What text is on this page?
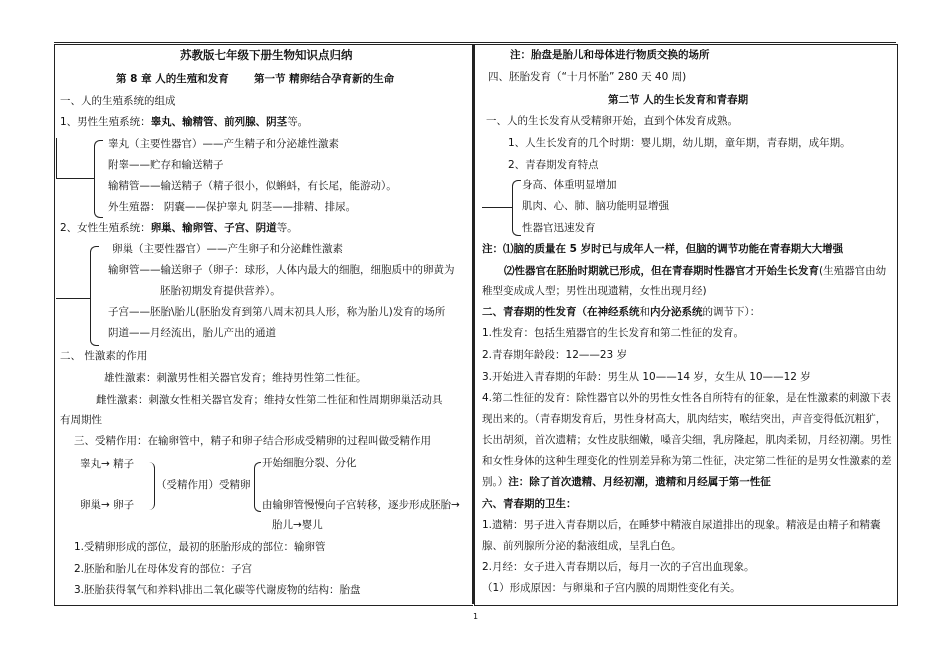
苏教版七年级下册生物知识点归纳
第 8 章 人的生殖和发育 第一节 精卵结合孕育新的生命
一、人的生殖系统的组成
1、男性生殖系统：睾丸、输精管、前列腺、阴茎等。
睾丸（主要性器官）——产生精子和分泌雄性激素
附睾——贮存和输送精子
输精管——输送精子（精子很小，似蝌蚪，有长尾，能游动）。
外生殖器： 阴囊——保护睾丸 阴茎——排精、排尿。
2、女性生殖系统：卵巢、输卵管、子宫、阴道等。
卵巢（主要性器官）——产生卵子和分泌雌性激素
输卵管——输送卵子（卵子：球形，人体内最大的细胞，细胞质中的卵黄为
胚胎初期发育提供营养）。
子宫——胚胎\胎儿(胚胎发育到第八周末初具人形，称为胎儿)发育的场所
阴道——月经流出，胎儿产出的通道
二、 性激素的作用
雄性激素：刺激男性相关器官发育；维持男性第二性征。
雌性激素：刺激女性相关器官发育；维持女性第二性征和性周期卵巢活动具
有周期性
三、受精作用：在输卵管中，精子和卵子结合形成受精卵的过程叫做受精作用
睾丸→ 精子
（受精作用）受精卵
开始细胞分裂、分化
卵巢→ 卵子	由输卵管慢慢向子宫转移，逐步形成胚胎→
胎儿→婴儿
1.受精卵形成的部位，最初的胚胎形成的部位：输卵管
2.胚胎和胎儿在母体发育的部位：子宫
3.胚胎获得氧气和养料\排出二氧化碳等代谢废物的结构：胎盘
注：胎盘是胎儿和母体进行物质交换的场所
四、胚胎发育（“十月怀胎” 280 天 40 周)
第二节 人的生长发育和青春期
一、人的生长发育从受精卵开始，直到个体发育成熟。
1、人生长发育的几个时期：婴儿期，幼儿期，童年期，青春期，成年期。
2、青春期发育特点
身高、体重明显增加
肌肉、心、肺、脑功能明显增强
性器官迅速发育
注：⑴脑的质量在 5 岁时已与成年人一样，但脑的调节功能在青春期大大增强
⑵性器官在胚胎时期就已形成，但在青春期时性器官才开始生长发育(生殖器官由幼
稚型变成成人型；男性出现遗精，女性出现月经)
二、青春期的性发育（在神经系统和内分泌系统的调节下）：
1.性发育：包括生殖器官的生长发育和第二性征的发育。
2.青春期年龄段：12——23 岁
3.开始进入青春期的年龄：男生从 10——14 岁，女生从 10——12 岁
4.第二性征的发育：除性器官以外的男性女性各自所特有的征象，是在性激素的刺激下表
现出来的。（青春期发育后，男性身材高大，肌肉结实，喉结突出，声音变得低沉粗犷，
长出胡须，首次遗精；女性皮肤细嫩，嗓音尖细，乳房隆起，肌肉柔韧，月经初潮。男性
和女性身体的这种生理变化的性别差异称为第二性征，决定第二性征的是男女性激素的差
别。）注：除了首次遗精、月经初潮，遗精和月经属于第一性征
六、青春期的卫生：
1.遗精：男子进入青春期以后，在睡梦中精液自尿道排出的现象。精液是由精子和精囊
腺、前列腺所分泌的黏液组成，呈乳白色。
2.月经：女子进入青春期以后，每月一次的子宫出血现象。
（1）形成原因：与卵巢和子宫内膜的周期性变化有关。
1
